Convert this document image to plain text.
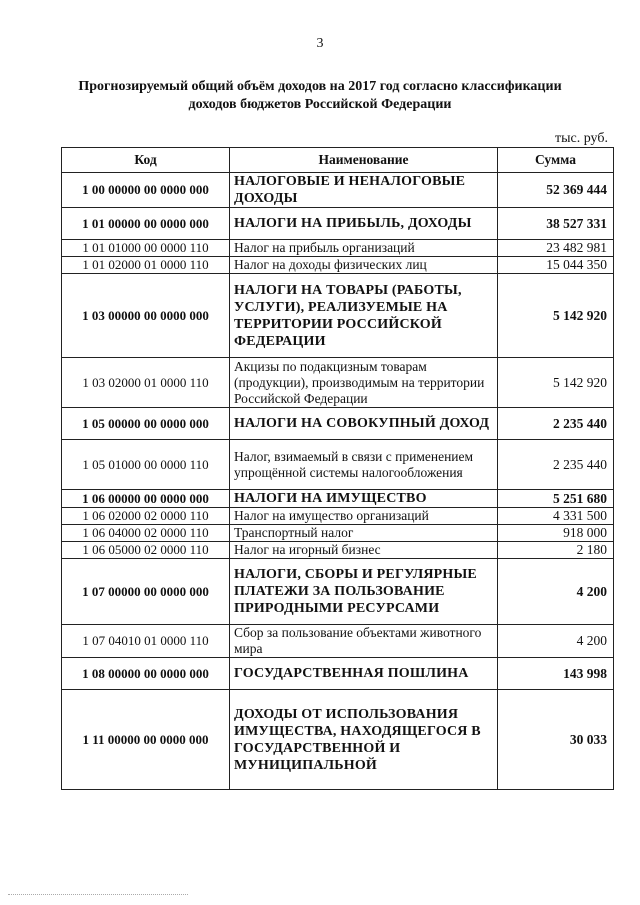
3
Прогнозируемый общий объём доходов на 2017 год согласно классификации
доходов бюджетов Российской Федерации
тыс. руб.
Код	Наименование	Сумма
1 00 00000 00 0000 000	НАЛОГОВЫЕ И НЕНАЛОГОВЫЕ ДОХОДЫ	52 369 444
1 01 00000 00 0000 000	НАЛОГИ НА ПРИБЫЛЬ, ДОХОДЫ	38 527 331
1 01 01000 00 0000 110	Налог на прибыль организаций	23 482 981
1 01 02000 01 0000 110	Налог на доходы физических лиц	15 044 350
1 03 00000 00 0000 000	НАЛОГИ НА ТОВАРЫ (РАБОТЫ, УСЛУГИ), РЕАЛИЗУЕМЫЕ НА ТЕРРИТОРИИ РОССИЙСКОЙ ФЕДЕРАЦИИ	5 142 920
1 03 02000 01 0000 110	Акцизы по подакцизным товарам (продукции), производимым на территории Российской Федерации	5 142 920
1 05 00000 00 0000 000	НАЛОГИ НА СОВОКУПНЫЙ ДОХОД	2 235 440
1 05 01000 00 0000 110	Налог, взимаемый в связи с применением упрощённой системы налогообложения	2 235 440
1 06 00000 00 0000 000	НАЛОГИ НА ИМУЩЕСТВО	5 251 680
1 06 02000 02 0000 110	Налог на имущество организаций	4 331 500
1 06 04000 02 0000 110	Транспортный налог	918 000
1 06 05000 02 0000 110	Налог на игорный бизнес	2 180
1 07 00000 00 0000 000	НАЛОГИ, СБОРЫ И РЕГУЛЯРНЫЕ ПЛАТЕЖИ ЗА ПОЛЬЗОВАНИЕ ПРИРОДНЫМИ РЕСУРСАМИ	4 200
1 07 04010 01 0000 110	Сбор за пользование объектами животного мира	4 200
1 08 00000 00 0000 000	ГОСУДАРСТВЕННАЯ ПОШЛИНА	143 998
1 11 00000 00 0000 000	ДОХОДЫ ОТ ИСПОЛЬЗОВАНИЯ ИМУЩЕСТВА, НАХОДЯЩЕГОСЯ В ГОСУДАРСТВЕННОЙ И МУНИЦИПАЛЬНОЙ	30 033
